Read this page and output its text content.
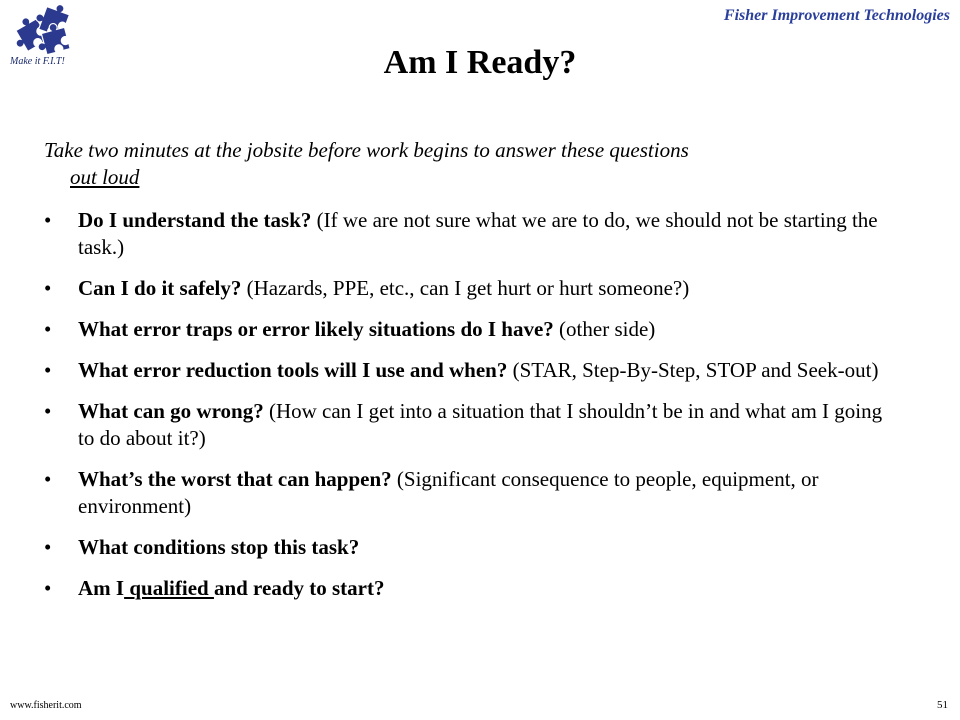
Make it F.I.T!
Fisher Improvement Technologies
Am I Ready?
Take two minutes at the jobsite before work begins to answer these questions
out loud
• Do I understand the task? (If we are not sure what we are to do, we should not be starting the task.)
• Can I do it safely? (Hazards, PPE, etc., can I get hurt or hurt someone?)
• What error traps or error likely situations do I have? (other side)
• What error reduction tools will I use and when? (STAR, Step-By-Step, STOP and Seek-out)
• What can go wrong? (How can I get into a situation that I shouldn’t be in and what am I going to do about it?)
• What’s the worst that can happen? (Significant consequence to people, equipment, or environment)
• What conditions stop this task?
• Am I qualified and ready to start?
www.fisherit.com	51
